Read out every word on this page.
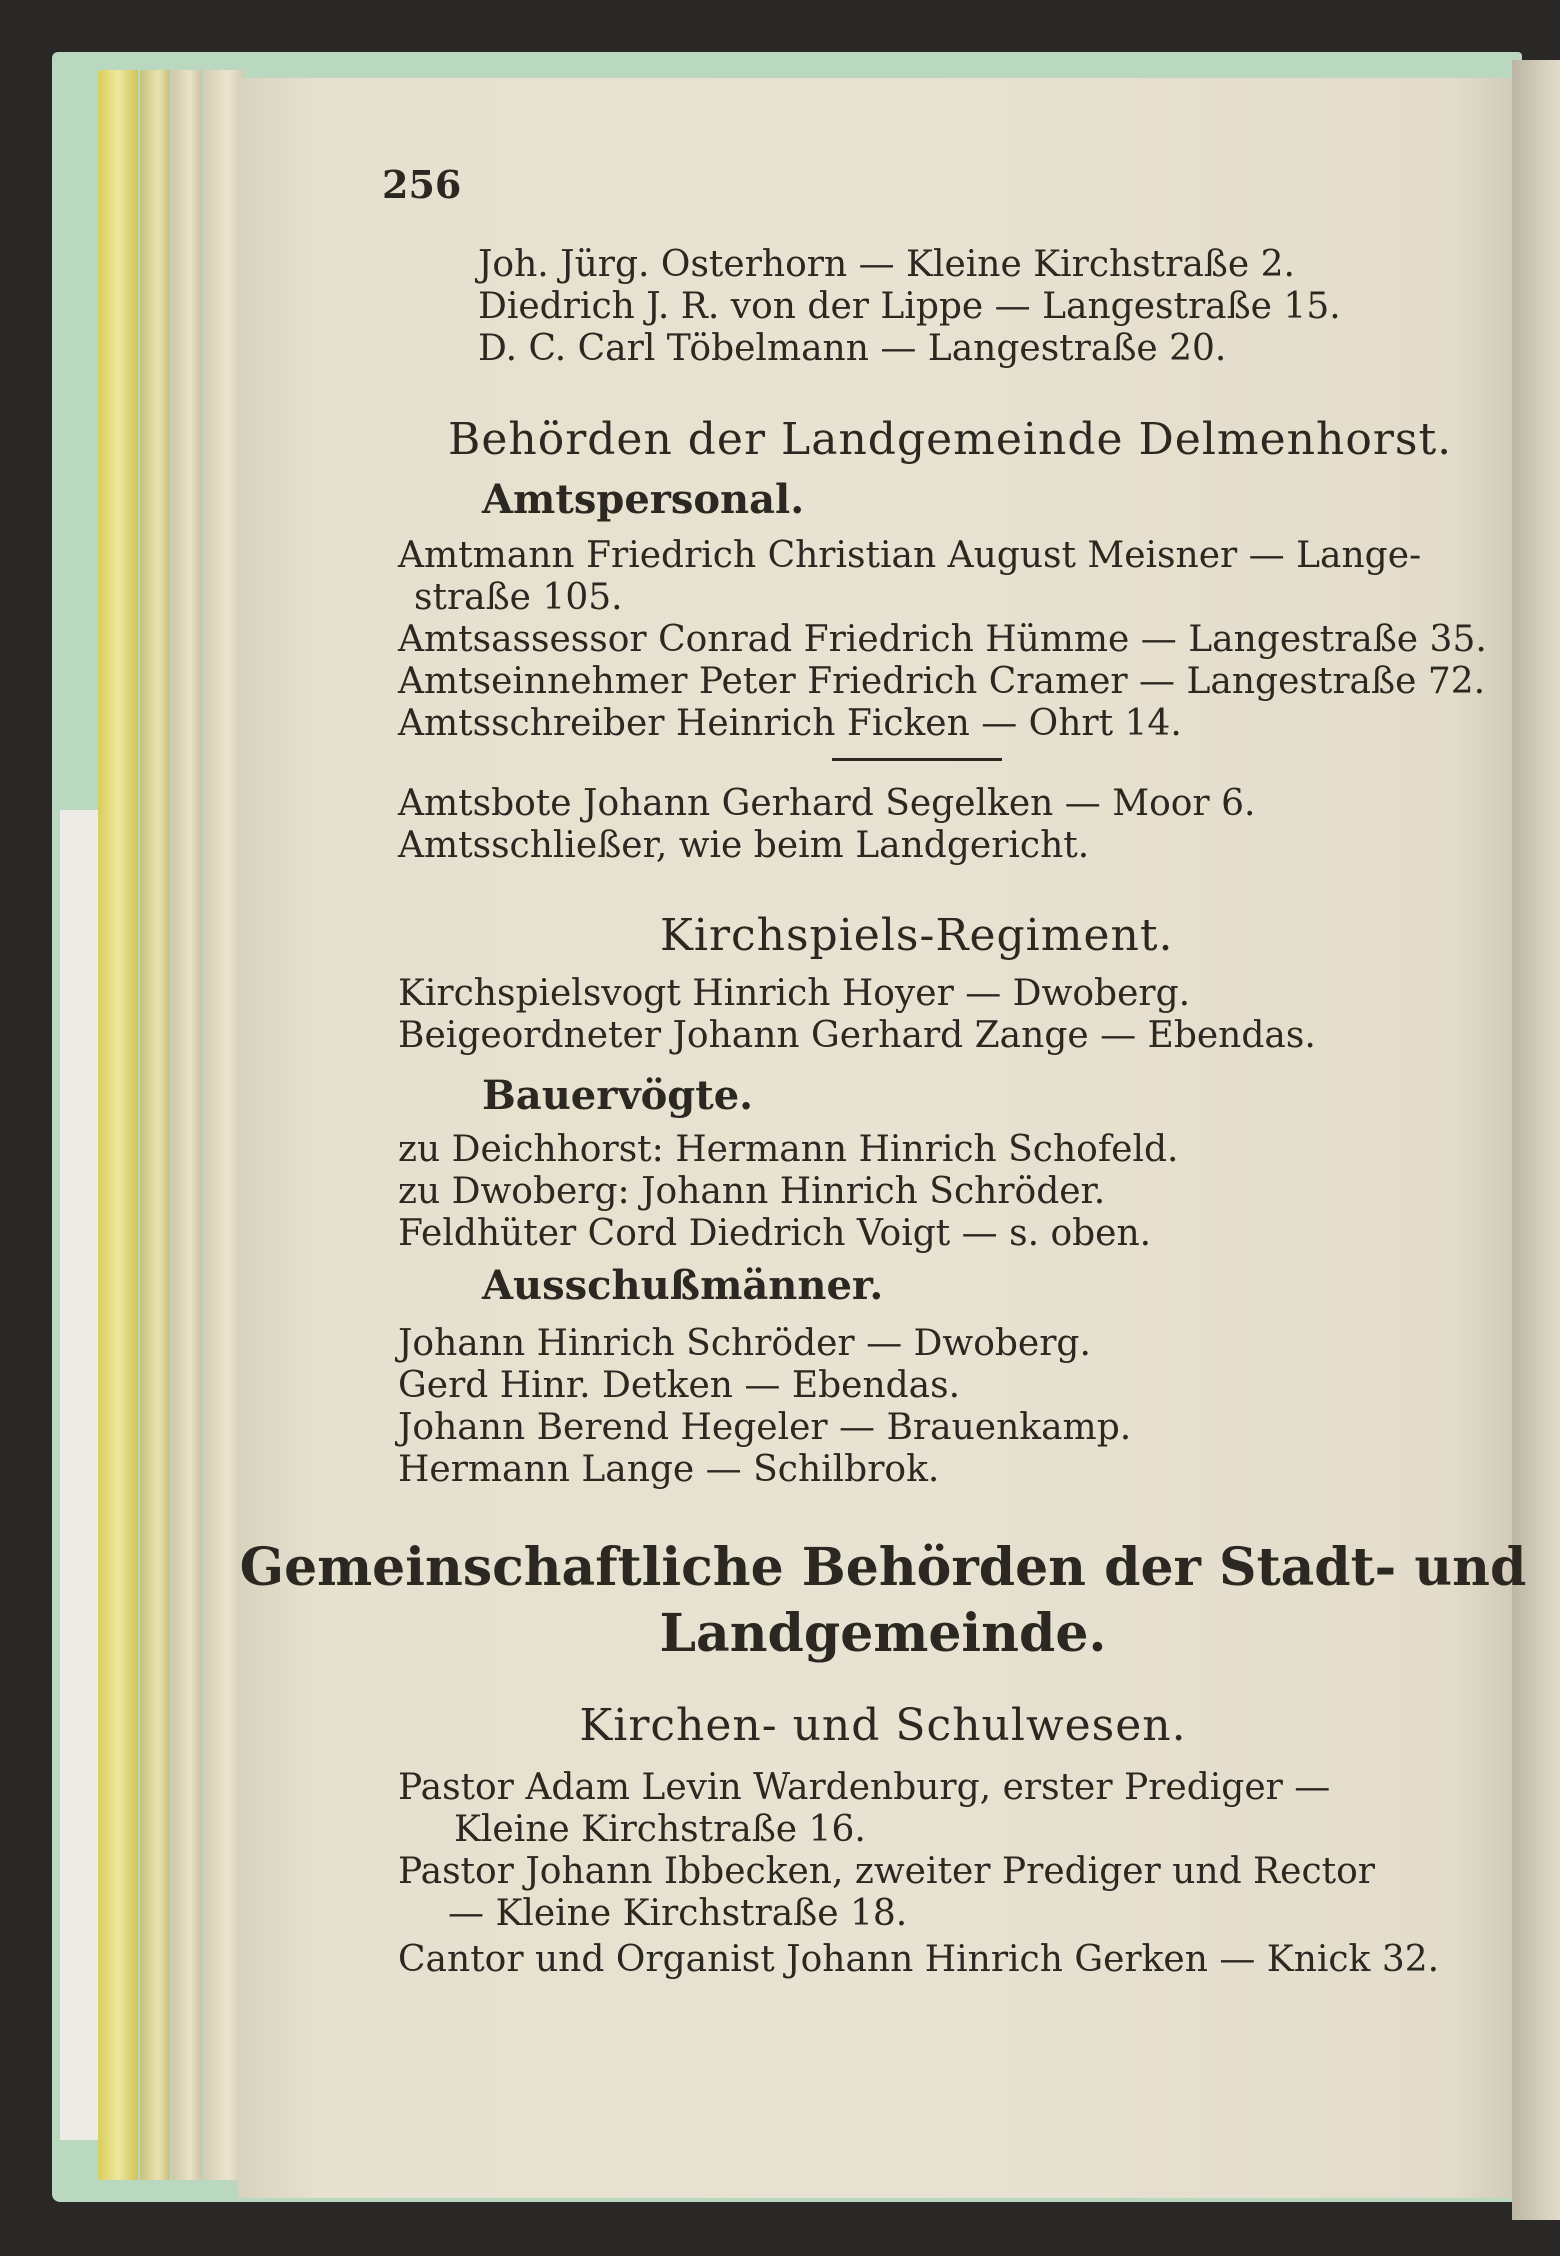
256
Joh. Jürg. Osterhorn — Kleine Kirchstraße 2.
Diedrich J. R. von der Lippe — Langestraße 15.
D. C. Carl Töbelmann — Langestraße 20.
Behörden der Landgemeinde Delmenhorst.
Amtspersonal.
Amtmann Friedrich Christian August Meisner — Lange-
straße 105.
Amtsassessor Conrad Friedrich Hümme — Langestraße 35.
Amtseinnehmer Peter Friedrich Cramer — Langestraße 72.
Amtsschreiber Heinrich Ficken — Ohrt 14.
Amtsbote Johann Gerhard Segelken — Moor 6.
Amtsschließer, wie beim Landgericht.
Kirchspiels-Regiment.
Kirchspielsvogt Hinrich Hoyer — Dwoberg.
Beigeordneter Johann Gerhard Zange — Ebendas.
Bauervögte.
zu Deichhorst: Hermann Hinrich Schofeld.
zu Dwoberg: Johann Hinrich Schröder.
Feldhüter Cord Diedrich Voigt — s. oben.
Ausschußmänner.
Johann Hinrich Schröder — Dwoberg.
Gerd Hinr. Detken — Ebendas.
Johann Berend Hegeler — Brauenkamp.
Hermann Lange — Schilbrok.
Gemeinschaftliche Behörden der Stadt- und
Landgemeinde.
Kirchen- und Schulwesen.
Pastor Adam Levin Wardenburg, erster Prediger —
Kleine Kirchstraße 16.
Pastor Johann Ibbecken, zweiter Prediger und Rector
— Kleine Kirchstraße 18.
Cantor und Organist Johann Hinrich Gerken — Knick 32.
